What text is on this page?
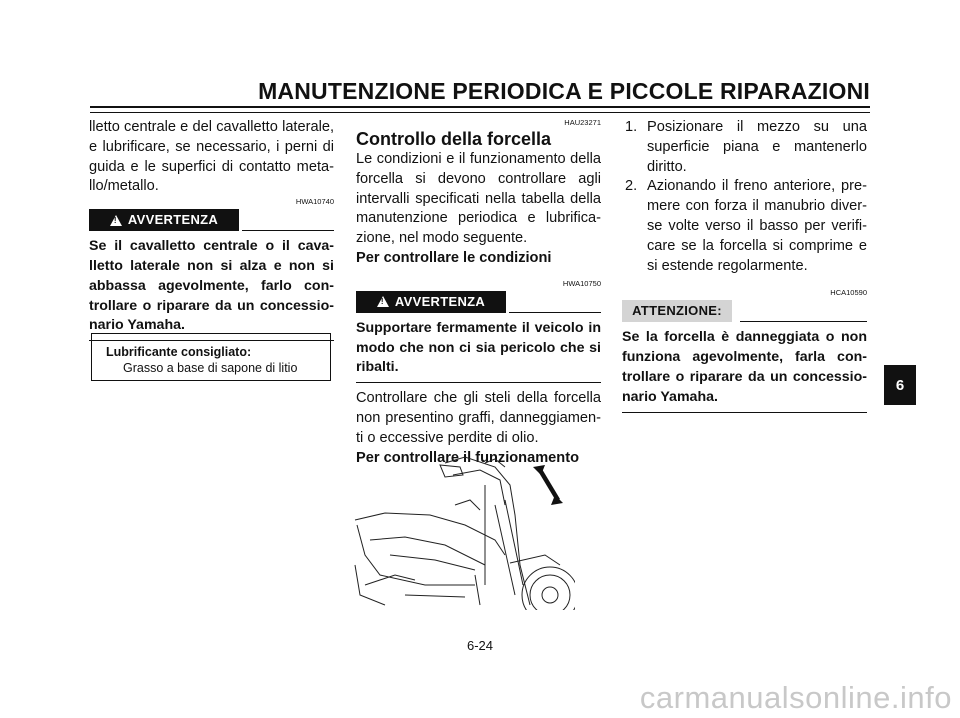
MANUTENZIONE PERIODICA E PICCOLE RIPARAZIONI

lletto centrale e del cavalletto laterale, e lubrificare, se necessario, i perni di guida e le superfici di contatto meta-llo/metallo.

HWA10740

! AVVERTENZA

Se il cavalletto centrale o il cava-lletto laterale non si alza e non si abbassa agevolmente, farlo con-trollare o riparare da un concessio-nario Yamaha.

Lubrificante consigliato:
Grasso a base di sapone di litio

HAU23271

Controllo della forcella

Le condizioni e il funzionamento della forcella si devono controllare agli intervalli specificati nella tabella della manutenzione periodica e lubrifica-zione, nel modo seguente.

Per controllare le condizioni

HWA10750

! AVVERTENZA

Supportare fermamente il veicolo in modo che non ci sia pericolo che si ribalti.

Controllare che gli steli della forcella non presentino graffi, danneggiamen-ti o eccessive perdite di olio.

Per controllare il funzionamento

1. Posizionare il mezzo su una superficie piana e mantenerlo diritto.
2. Azionando il freno anteriore, pre-mere con forza il manubrio diver-se volte verso il basso per verifi-care se la forcella si comprime e si estende regolarmente.

HCA10590

ATTENZIONE:

Se la forcella è danneggiata o non funziona agevolmente, farla con-trollare o riparare da un concessio-nario Yamaha.

6
6-24
carmanualsonline.info
